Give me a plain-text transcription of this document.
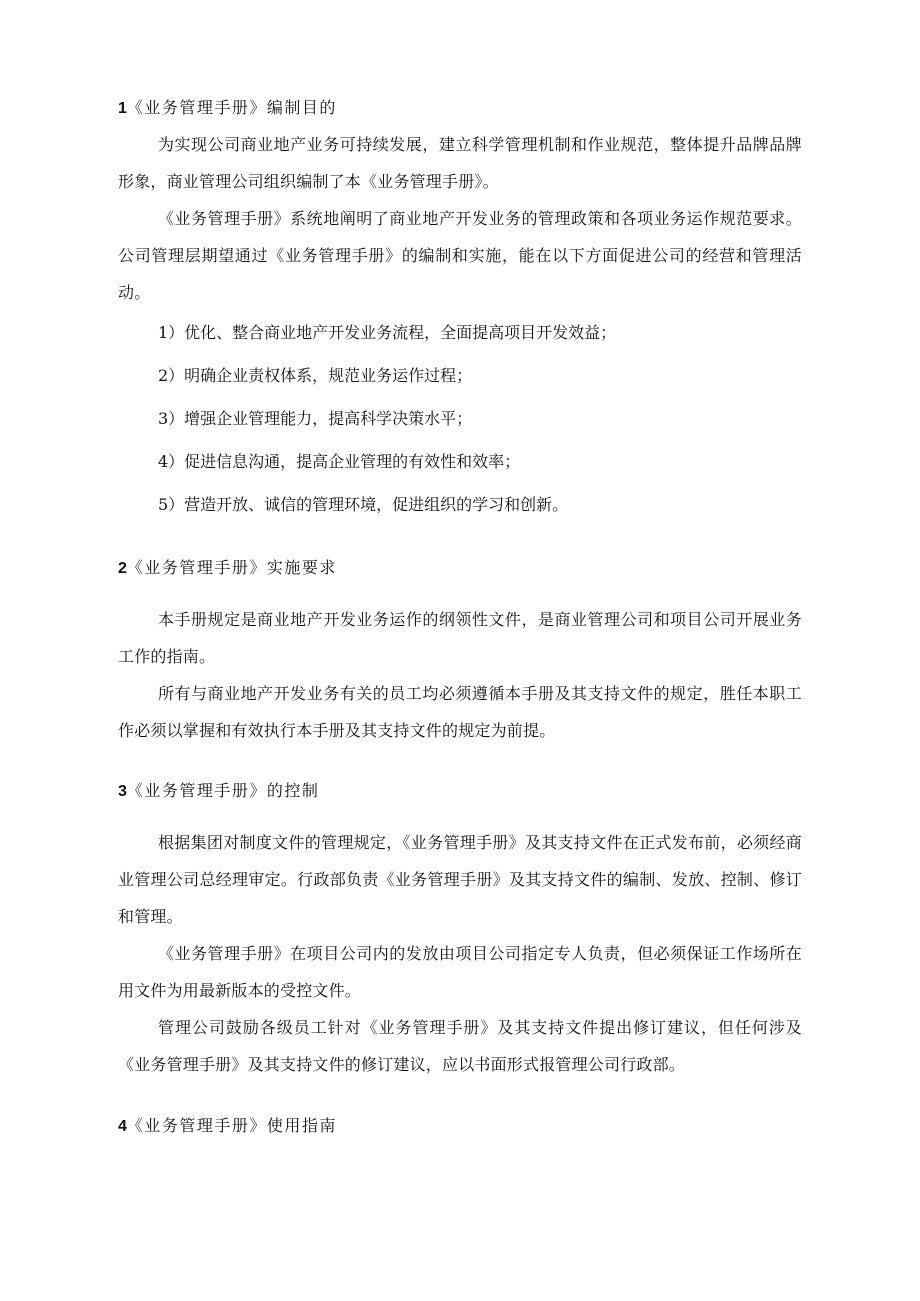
1《业务管理手册》编制目的

为实现公司商业地产业务可持续发展，建立科学管理机制和作业规范，整体提升品牌品牌形象，商业管理公司组织编制了本《业务管理手册》。

《业务管理手册》系统地阐明了商业地产开发业务的管理政策和各项业务运作规范要求。公司管理层期望通过《业务管理手册》的编制和实施，能在以下方面促进公司的经营和管理活动。

1）优化、整合商业地产开发业务流程，全面提高项目开发效益；

2）明确企业责权体系，规范业务运作过程；

3）增强企业管理能力，提高科学决策水平；

4）促进信息沟通，提高企业管理的有效性和效率；

5）营造开放、诚信的管理环境，促进组织的学习和创新。

2《业务管理手册》实施要求

本手册规定是商业地产开发业务运作的纲领性文件，是商业管理公司和项目公司开展业务工作的指南。

所有与商业地产开发业务有关的员工均必须遵循本手册及其支持文件的规定，胜任本职工作必须以掌握和有效执行本手册及其支持文件的规定为前提。

3《业务管理手册》的控制

根据集团对制度文件的管理规定，《业务管理手册》及其支持文件在正式发布前，必须经商业管理公司总经理审定。行政部负责《业务管理手册》及其支持文件的编制、发放、控制、修订和管理。

《业务管理手册》在项目公司内的发放由项目公司指定专人负责，但必须保证工作场所在用文件为用最新版本的受控文件。

管理公司鼓励各级员工针对《业务管理手册》及其支持文件提出修订建议，但任何涉及《业务管理手册》及其支持文件的修订建议，应以书面形式报管理公司行政部。

4《业务管理手册》使用指南
